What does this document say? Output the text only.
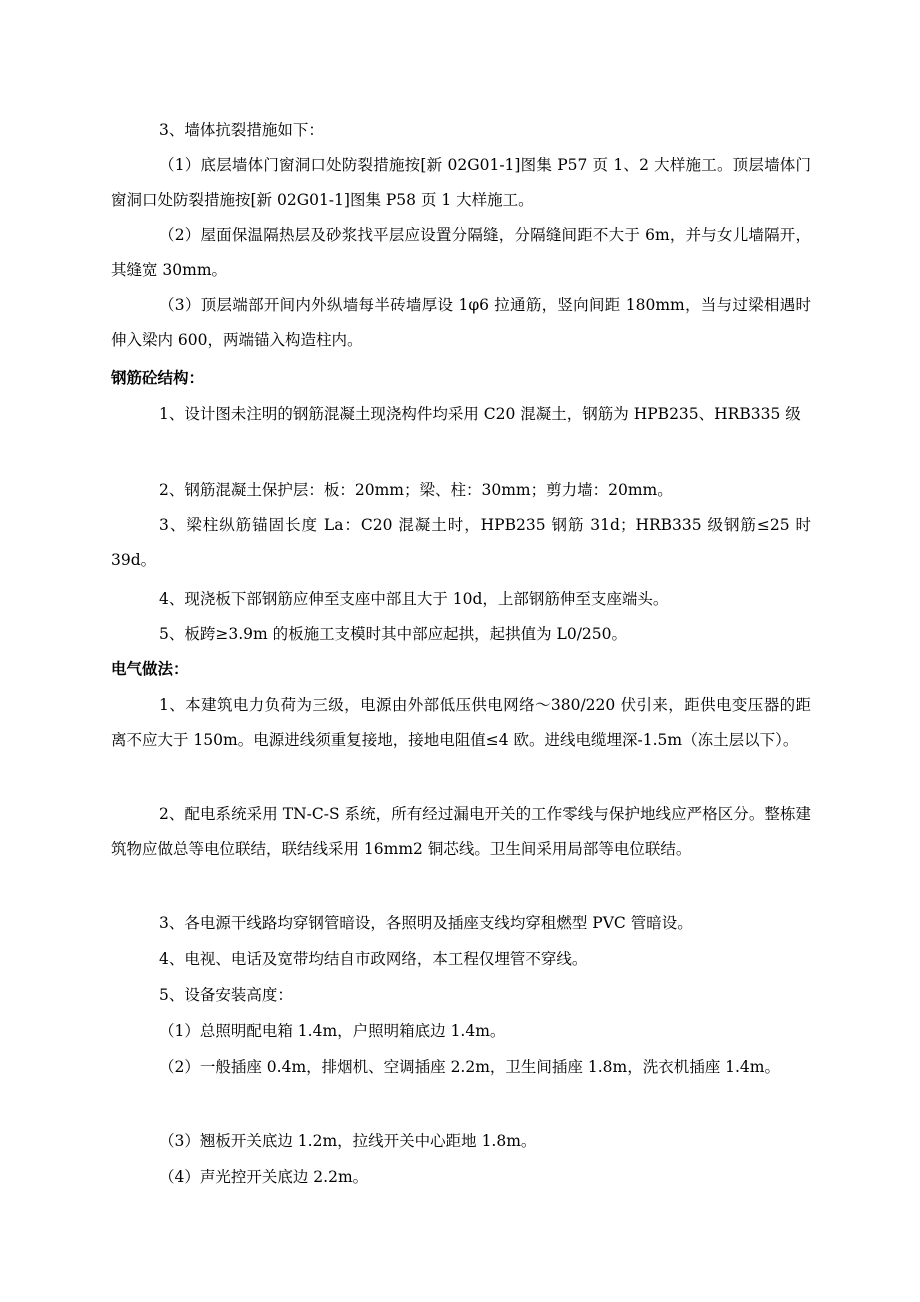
3、墙体抗裂措施如下：

（1）底层墙体门窗洞口处防裂措施按[新 02G01-1]图集 P57 页 1、2 大样施工。顶层墙体门窗洞口处防裂措施按[新 02G01-1]图集 P58 页 1 大样施工。

（2）屋面保温隔热层及砂浆找平层应设置分隔缝，分隔缝间距不大于 6m，并与女儿墙隔开，其缝宽 30mm。

（3）顶层端部开间内外纵墙每半砖墙厚设 1φ6 拉通筋，竖向间距 180mm，当与过梁相遇时伸入梁内 600，两端锚入构造柱内。

钢筋砼结构：

1、设计图未注明的钢筋混凝土现浇构件均采用 C20 混凝土，钢筋为 HPB235、HRB335 级

2、钢筋混凝土保护层：板：20mm；梁、柱：30mm；剪力墙：20mm。

3、梁柱纵筋锚固长度 La：C20 混凝土时，HPB235 钢筋 31d；HRB335 级钢筋≤25 时 39d。

4、现浇板下部钢筋应伸至支座中部且大于 10d，上部钢筋伸至支座端头。

5、板跨≥3.9m 的板施工支模时其中部应起拱，起拱值为 L0/250。

电气做法：

1、本建筑电力负荷为三级，电源由外部低压供电网络～380/220 伏引来，距供电变压器的距离不应大于 150m。电源进线须重复接地，接地电阻值≤4 欧。进线电缆埋深-1.5m（冻土层以下）。

2、配电系统采用 TN-C-S 系统，所有经过漏电开关的工作零线与保护地线应严格区分。整栋建筑物应做总等电位联结，联结线采用 16mm2 铜芯线。卫生间采用局部等电位联结。

3、各电源干线路均穿钢管暗设，各照明及插座支线均穿租燃型 PVC 管暗设。

4、电视、电话及宽带均结自市政网络，本工程仅埋管不穿线。

5、设备安装高度：

（1）总照明配电箱 1.4m，户照明箱底边 1.4m。

（2）一般插座 0.4m，排烟机、空调插座 2.2m，卫生间插座 1.8m，洗衣机插座 1.4m。

（3）翘板开关底边 1.2m，拉线开关中心距地 1.8m。

（4）声光控开关底边 2.2m。
